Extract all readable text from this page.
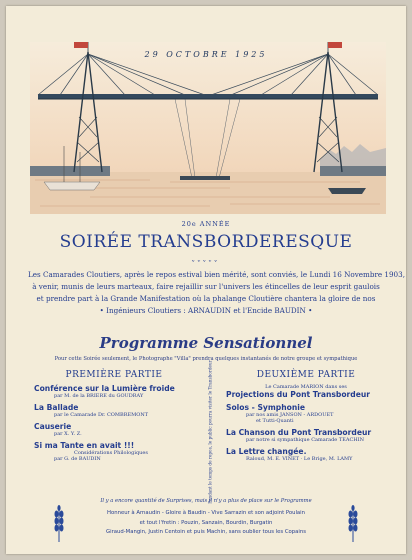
29 OCTOBRE 1925
20e ANNÉE
SOIRÉE TRANSBORDERESQUE
ᵥᵥᵥᵥᵥ
Les Camarades Cloutiers, après le repos estival bien mérité, sont conviés, le Lundi 16 Novembre 1903,
à venir, munis de leurs marteaux, faire rejaillir sur l'univers les étincelles de leur esprit gaulois
et prendre part à la Grande Manifestation où la phalange Cloutière chantera la gloire de nos
• Ingénieurs Cloutiers : ARNAUDIN et l'Encide BAUDIN •
Programme Sensationnel
Pour cette Soirée seulement, le Photographe "Villa" prendra quelques instantanés de notre groupe et sympathique
PREMIÈRE PARTIE
Conférence sur la Lumière froide
par M. de la BRIERE du GOUDRAY
La Ballade
par le Camarade Dr. COMBREMONT
Causerie
par X. Y. Z.
Si ma Tante en avait !!!
Considérations Philologiques
par G. de BAUDIN	Pendant le temps de repos, le public pourra visiter le Transbordeur	DEUXIÈME PARTIE
Le Camarade MARION dans ses
Projections du Pont Transbordeur
Solos - Symphonie
par nos amis JANSON - ARDOUET
et Tutti-Quanti
La Chanson du Pont Transbordeur
par notre si sympathique Camarade TEACHIN
La Lettre changée.
Raloud, M. E. VINET · Le Brige, M. LAMY
Il y a encore quantité de Surprises, mais il n'y a plus de place sur le Programme
Honneur à Arnaudin - Gloire à Baudin - Vive Sarrazin et son adjoint Poulain
et tout l'fretin : Pouzin, Sanzain, Bourdin, Burgatin
Giraud-Mangin, Justin Centoin et puis Machin, sans oublier tous les Copains
